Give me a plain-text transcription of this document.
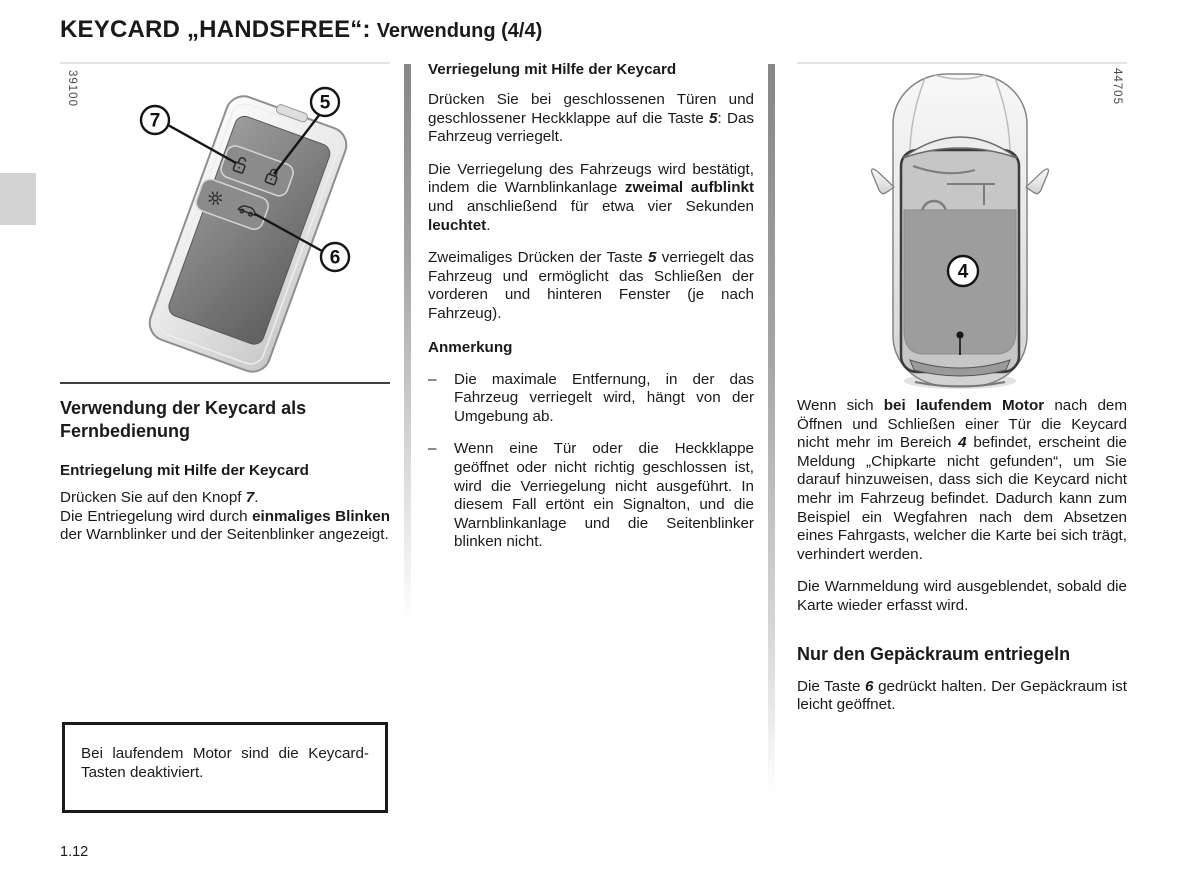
KEYCARD „HANDSFREE“: Verwendung (4/4)
39100
7
5
6
Verwendung der Keycard als Fernbedienung
Entriegelung mit Hilfe der Keycard
Drücken Sie auf den Knopf 7.

Die Entriegelung wird durch einmaliges Blinken der Warnblinker und der Seitenblinker angezeigt.

Verriegelung mit Hilfe der Keycard

Drücken Sie bei geschlossenen Türen und geschlossener Heckklappe auf die Taste 5: Das Fahrzeug verriegelt.

Die Verriegelung des Fahrzeugs wird bestätigt, indem die Warnblinkanlage zweimal aufblinkt und anschließend für etwa vier Sekunden leuchtet.

Zweimaliges Drücken der Taste 5 verriegelt das Fahrzeug und ermöglicht das Schließen der vorderen und hinteren Fenster (je nach Fahrzeug).

Anmerkung
–	Die maximale Entfernung, in der das Fahrzeug verriegelt wird, hängt von der Umgebung ab.
–	Wenn eine Tür oder die Heckklappe geöffnet oder nicht richtig geschlossen ist, wird die Verriegelung nicht ausgeführt. In diesem Fall ertönt ein Signalton, und die Warnblinkanlage und die Seitenblinker blinken nicht.
44705
4

Wenn sich bei laufendem Motor nach dem Öffnen und Schließen einer Tür die Keycard nicht mehr im Bereich 4 befindet, erscheint die Meldung „Chipkarte nicht gefunden“, um Sie darauf hinzuweisen, dass sich die Keycard nicht mehr im Fahrzeug befindet. Dadurch kann zum Beispiel ein Wegfahren nach dem Absetzen eines Fahrgasts, welcher die Karte bei sich trägt, verhindert werden.

Die Warnmeldung wird ausgeblendet, sobald die Karte wieder erfasst wird.

Nur den Gepäckraum entriegeln

Die Taste 6 gedrückt halten. Der Gepäckraum ist leicht geöffnet.

Bei laufendem Motor sind die Keycard-Tasten deaktiviert.
1.12
